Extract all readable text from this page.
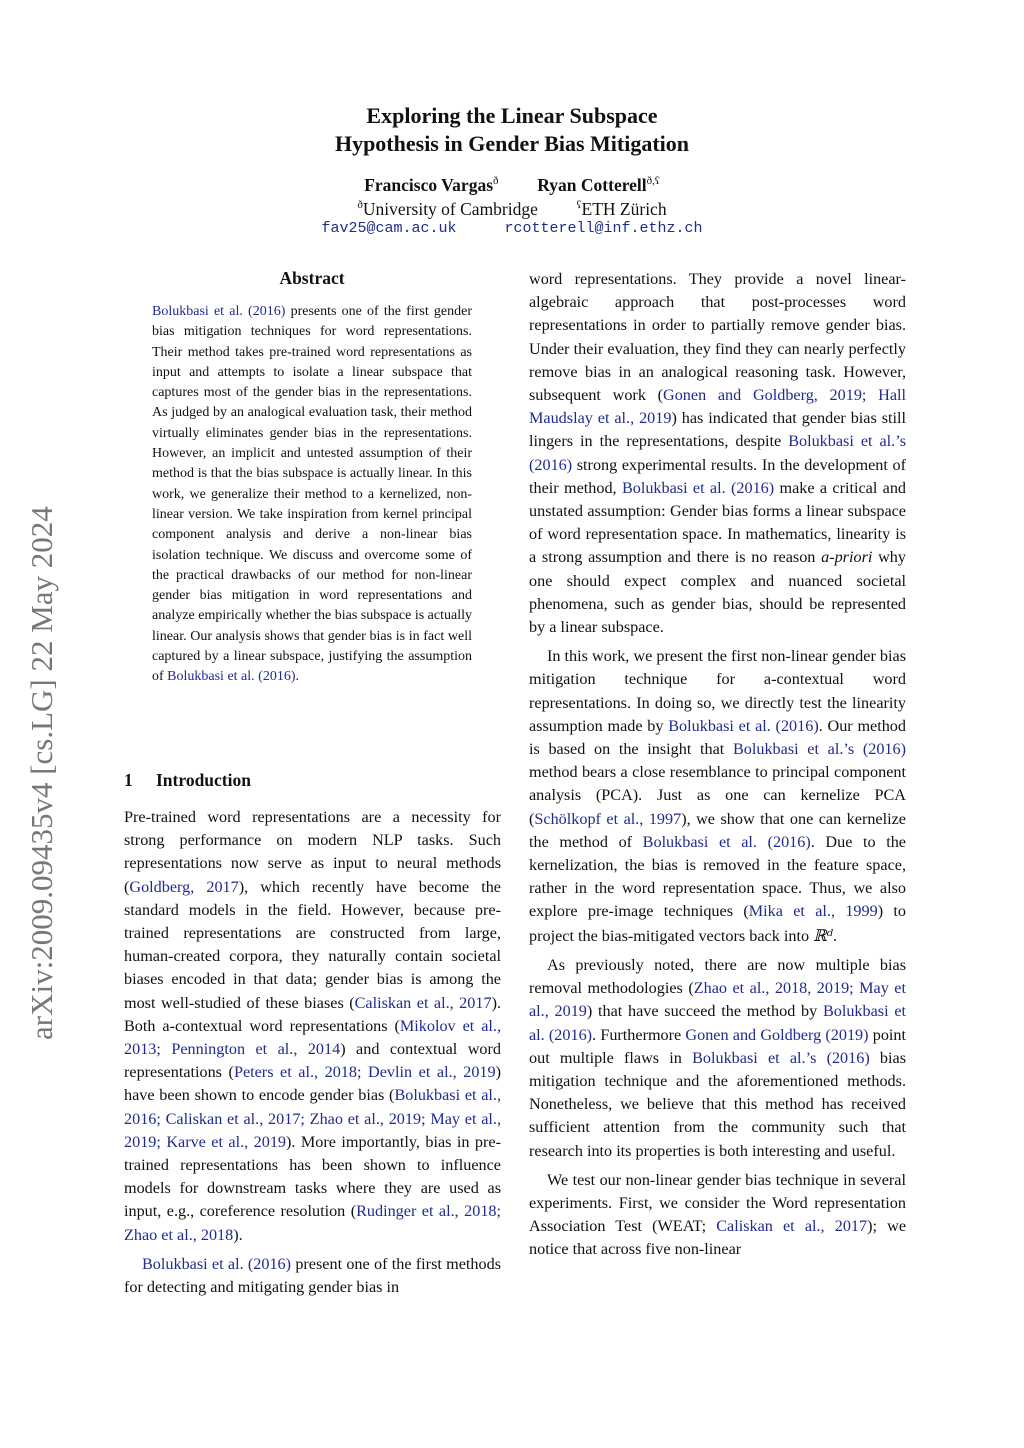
arXiv:2009.09435v4 [cs.LG] 22 May 2024
Exploring the Linear Subspace
Hypothesis in Gender Bias Mitigation
Francisco Vargas$^ð$ Ryan Cotterell$^{ð,ʕ}$
$^ð$University of Cambridge	$^ʕ$ETH Zürich
fav25@cam.ac.uk	rcotterell@inf.ethz.ch
Abstract

Bolukbasi et al. (2016) presents one of the first gender bias mitigation techniques for word representations. Their method takes pre-trained word representations as input and attempts to isolate a linear subspace that captures most of the gender bias in the representations. As judged by an analogical evaluation task, their method virtually eliminates gender bias in the representations. However, an implicit and untested assumption of their method is that the bias subspace is actually linear. In this work, we generalize their method to a kernelized, non-linear version. We take inspiration from kernel principal component analysis and derive a non-linear bias isolation technique. We discuss and overcome some of the practical drawbacks of our method for non-linear gender bias mitigation in word representations and analyze empirically whether the bias subspace is actually linear. Our analysis shows that gender bias is in fact well captured by a linear subspace, justifying the assumption of Bolukbasi et al. (2016).

1 Introduction

Pre-trained word representations are a necessity for strong performance on modern NLP tasks. Such representations now serve as input to neural methods (Goldberg, 2017), which recently have become the standard models in the field. However, because pre-trained representations are constructed from large, human-created corpora, they naturally contain societal biases encoded in that data; gender bias is among the most well-studied of these biases (Caliskan et al., 2017). Both a-contextual word representations (Mikolov et al., 2013; Pennington et al., 2014) and contextual word representations (Peters et al., 2018; Devlin et al., 2019) have been shown to encode gender bias (Bolukbasi et al., 2016; Caliskan et al., 2017; Zhao et al., 2019; May et al., 2019; Karve et al., 2019). More importantly, bias in pre-trained representations has been shown to influence models for downstream tasks where they are used as input, e.g., coreference resolution (Rudinger et al., 2018; Zhao et al., 2018).

Bolukbasi et al. (2016) present one of the first methods for detecting and mitigating gender bias in

word representations. They provide a novel linear-algebraic approach that post-processes word representations in order to partially remove gender bias. Under their evaluation, they find they can nearly perfectly remove bias in an analogical reasoning task. However, subsequent work (Gonen and Goldberg, 2019; Hall Maudslay et al., 2019) has indicated that gender bias still lingers in the representations, despite Bolukbasi et al.’s (2016) strong experimental results. In the development of their method, Bolukbasi et al. (2016) make a critical and unstated assumption: Gender bias forms a linear subspace of word representation space. In mathematics, linearity is a strong assumption and there is no reason a-priori why one should expect complex and nuanced societal phenomena, such as gender bias, should be represented by a linear subspace.

In this work, we present the first non-linear gender bias mitigation technique for a-contextual word representations. In doing so, we directly test the linearity assumption made by Bolukbasi et al. (2016). Our method is based on the insight that Bolukbasi et al.’s (2016) method bears a close resemblance to principal component analysis (PCA). Just as one can kernelize PCA (Schölkopf et al., 1997), we show that one can kernelize the method of Bolukbasi et al. (2016). Due to the kernelization, the bias is removed in the feature space, rather in the word representation space. Thus, we also explore pre-image techniques (Mika et al., 1999) to project the bias-mitigated vectors back into ℝᵈ.

As previously noted, there are now multiple bias removal methodologies (Zhao et al., 2018, 2019; May et al., 2019) that have succeed the method by Bolukbasi et al. (2016). Furthermore Gonen and Goldberg (2019) point out multiple flaws in Bolukbasi et al.’s (2016) bias mitigation technique and the aforementioned methods. Nonetheless, we believe that this method has received sufficient attention from the community such that research into its properties is both interesting and useful.

We test our non-linear gender bias technique in several experiments. First, we consider the Word representation Association Test (WEAT; Caliskan et al., 2017); we notice that across five non-linear
